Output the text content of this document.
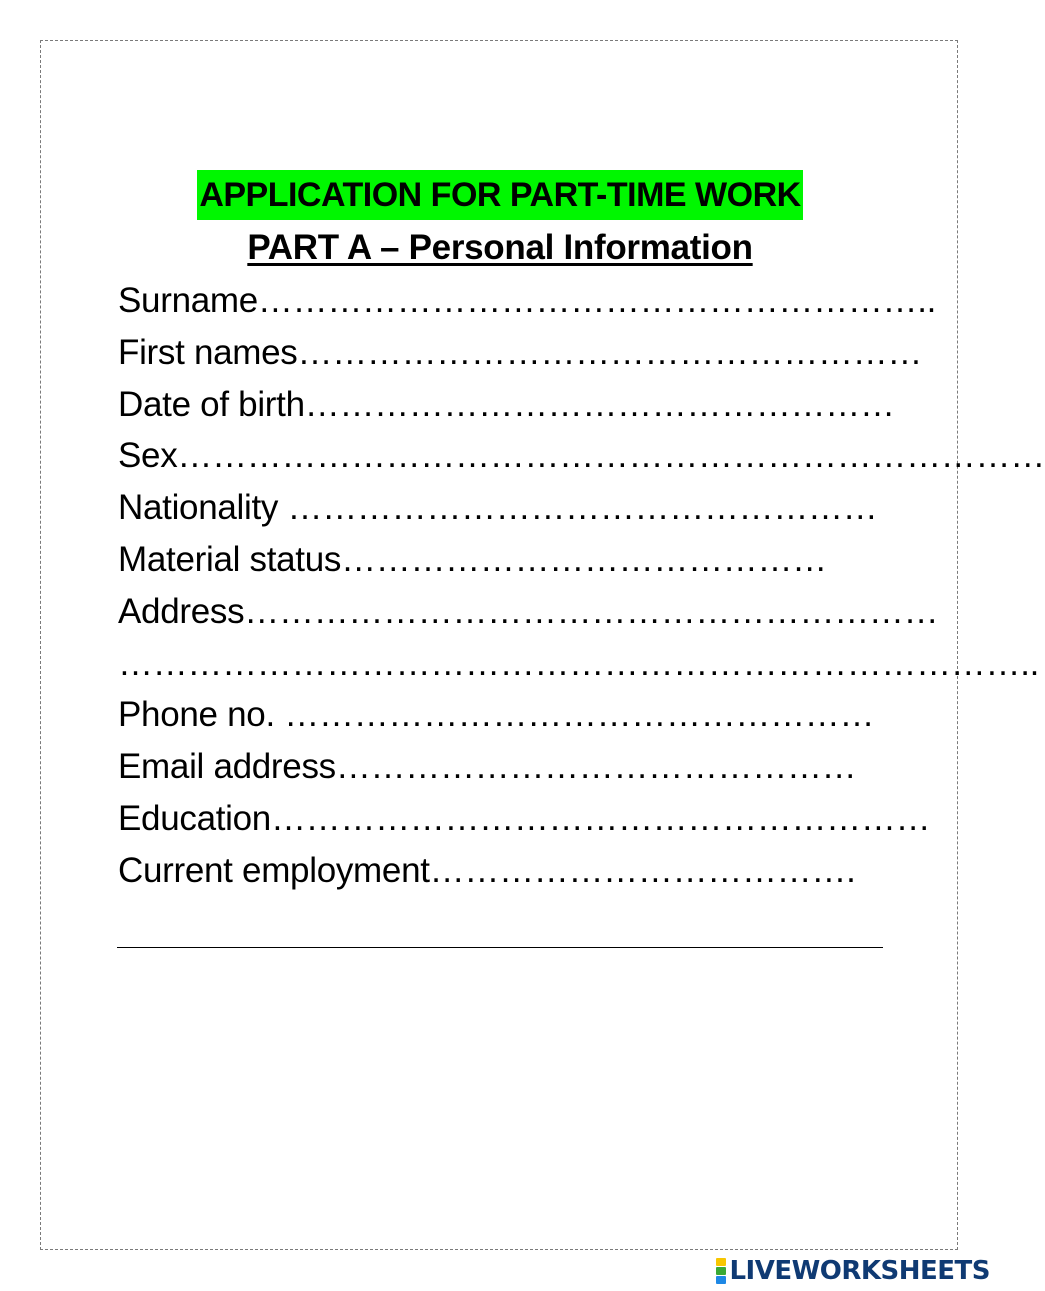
APPLICATION FOR PART-TIME WORK
PART A – Personal Information
Surname…………………………………………………..
First names………………………………………………
Date of birth……………………………………………
Sex…………………………………………………………………
Nationality ……………………………………………
Material status……………………………………
Address……………………………………………………
……………………………………………………………………..
Phone no. ……………………………………………
Email address………………………………………
Education…………………………………………………
Current employment……………………………….
LIVEWORKSHEETS
